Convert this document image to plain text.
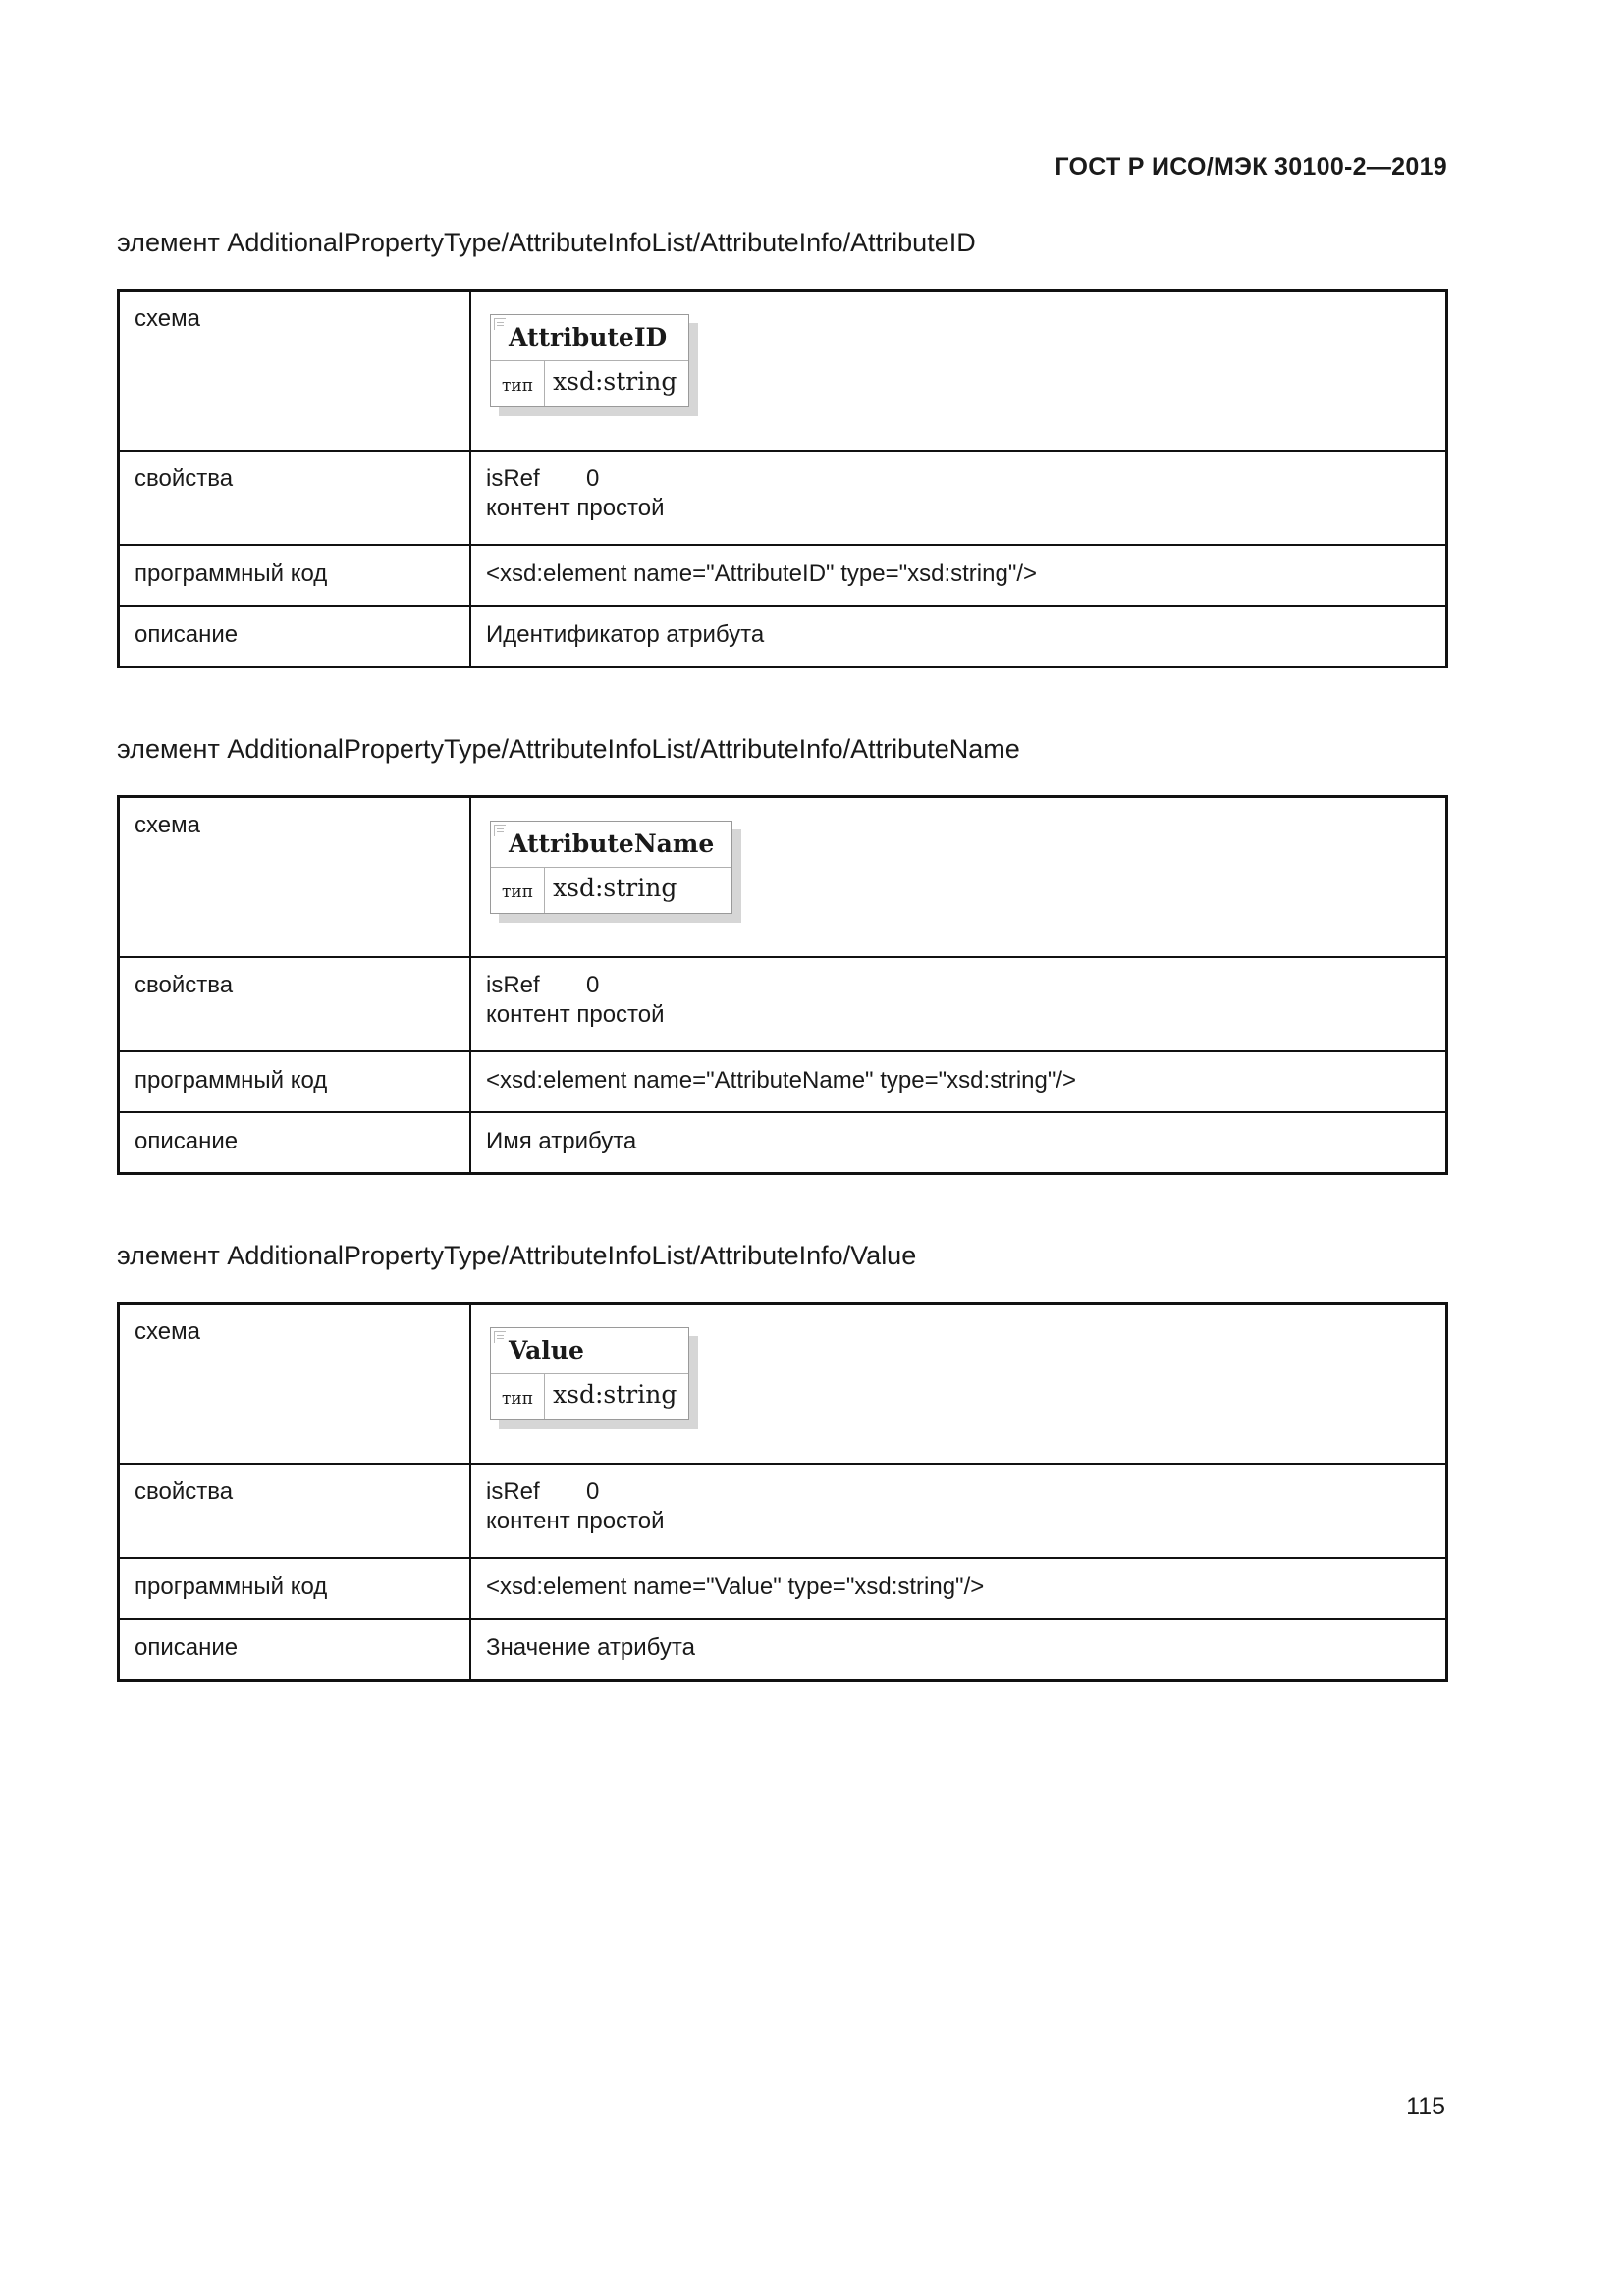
ГОСТ Р ИСО/МЭК 30100-2—2019

элемент AdditionalPropertyType/AttributeInfoList/AttributeInfo/AttributeID

схема	AttributeID
тип xsd:string

свойства	isRef 0
контент простой

программный код	<xsd:element name="AttributeID" type="xsd:string"/>
описание	Идентификатор атрибута

элемент AdditionalPropertyType/AttributeInfoList/AttributeInfo/AttributeName

схема	AttributeName
тип xsd:string

свойства	isRef 0
контент простой

программный код	<xsd:element name="AttributeName" type="xsd:string"/>
описание	Имя атрибута

элемент AdditionalPropertyType/AttributeInfoList/AttributeInfo/Value

схема	Value
тип xsd:string

свойства	isRef 0
контент простой

программный код	<xsd:element name="Value" type="xsd:string"/>
описание	Значение атрибута
115
